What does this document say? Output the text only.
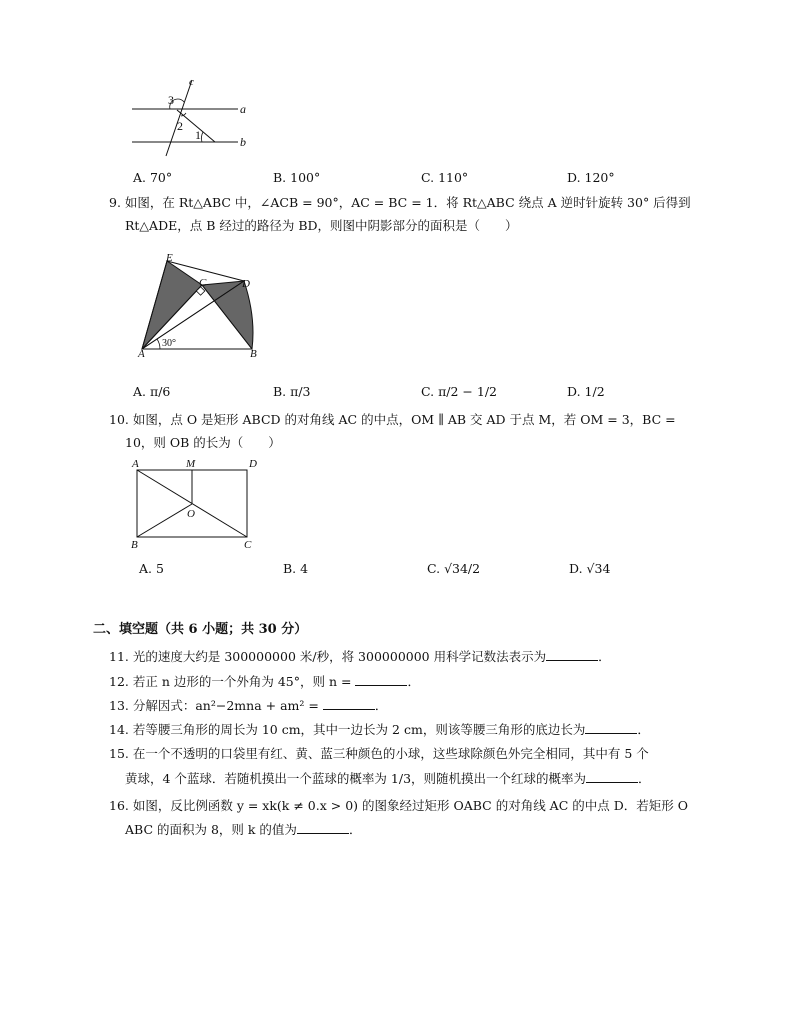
c
a
b
3
2
1
A. 70°	B. 100°	C. 110°	D. 120°
9. 如图，在 Rt△ABC 中，∠ACB = 90°，AC = BC = 1．将 Rt△ABC 绕点 A 逆时针旋转 30° 后得到
Rt△ADE，点 B 经过的路径为 BD，则图中阴影部分的面积是（　　）
E
C	D
A	B
30°
A. π/6	B. π/3	C. π/2 − 1/2	D. 1/2
10. 如图，点 O 是矩形 ABCD 的对角线 AC 的中点，OM ∥ AB 交 AD 于点 M，若 OM = 3，BC =
10，则 OB 的长为（　　）
A	M	D
O
B	C
A. 5	B. 4	C. √34/2	D. √34
二、填空题（共 6 小题；共 30 分）
11. 光的速度大约是 300000000 米/秒，将 300000000 用科学记数法表示为	．
12. 若正 n 边形的一个外角为 45°，则 n =	．
13. 分解因式：an²−2mna + am² =	．
14. 若等腰三角形的周长为 10 cm，其中一边长为 2 cm，则该等腰三角形的底边长为	．
15. 在一个不透明的口袋里有红、黄、蓝三种颜色的小球，这些球除颜色外完全相同，其中有 5 个
黄球，4 个蓝球．若随机摸出一个蓝球的概率为 1/3，则随机摸出一个红球的概率为	．
16. 如图，反比例函数 y = xk(k ≠ 0.x > 0) 的图象经过矩形 OABC 的对角线 AC 的中点 D．若矩形 O
ABC 的面积为 8，则 k 的值为	．
